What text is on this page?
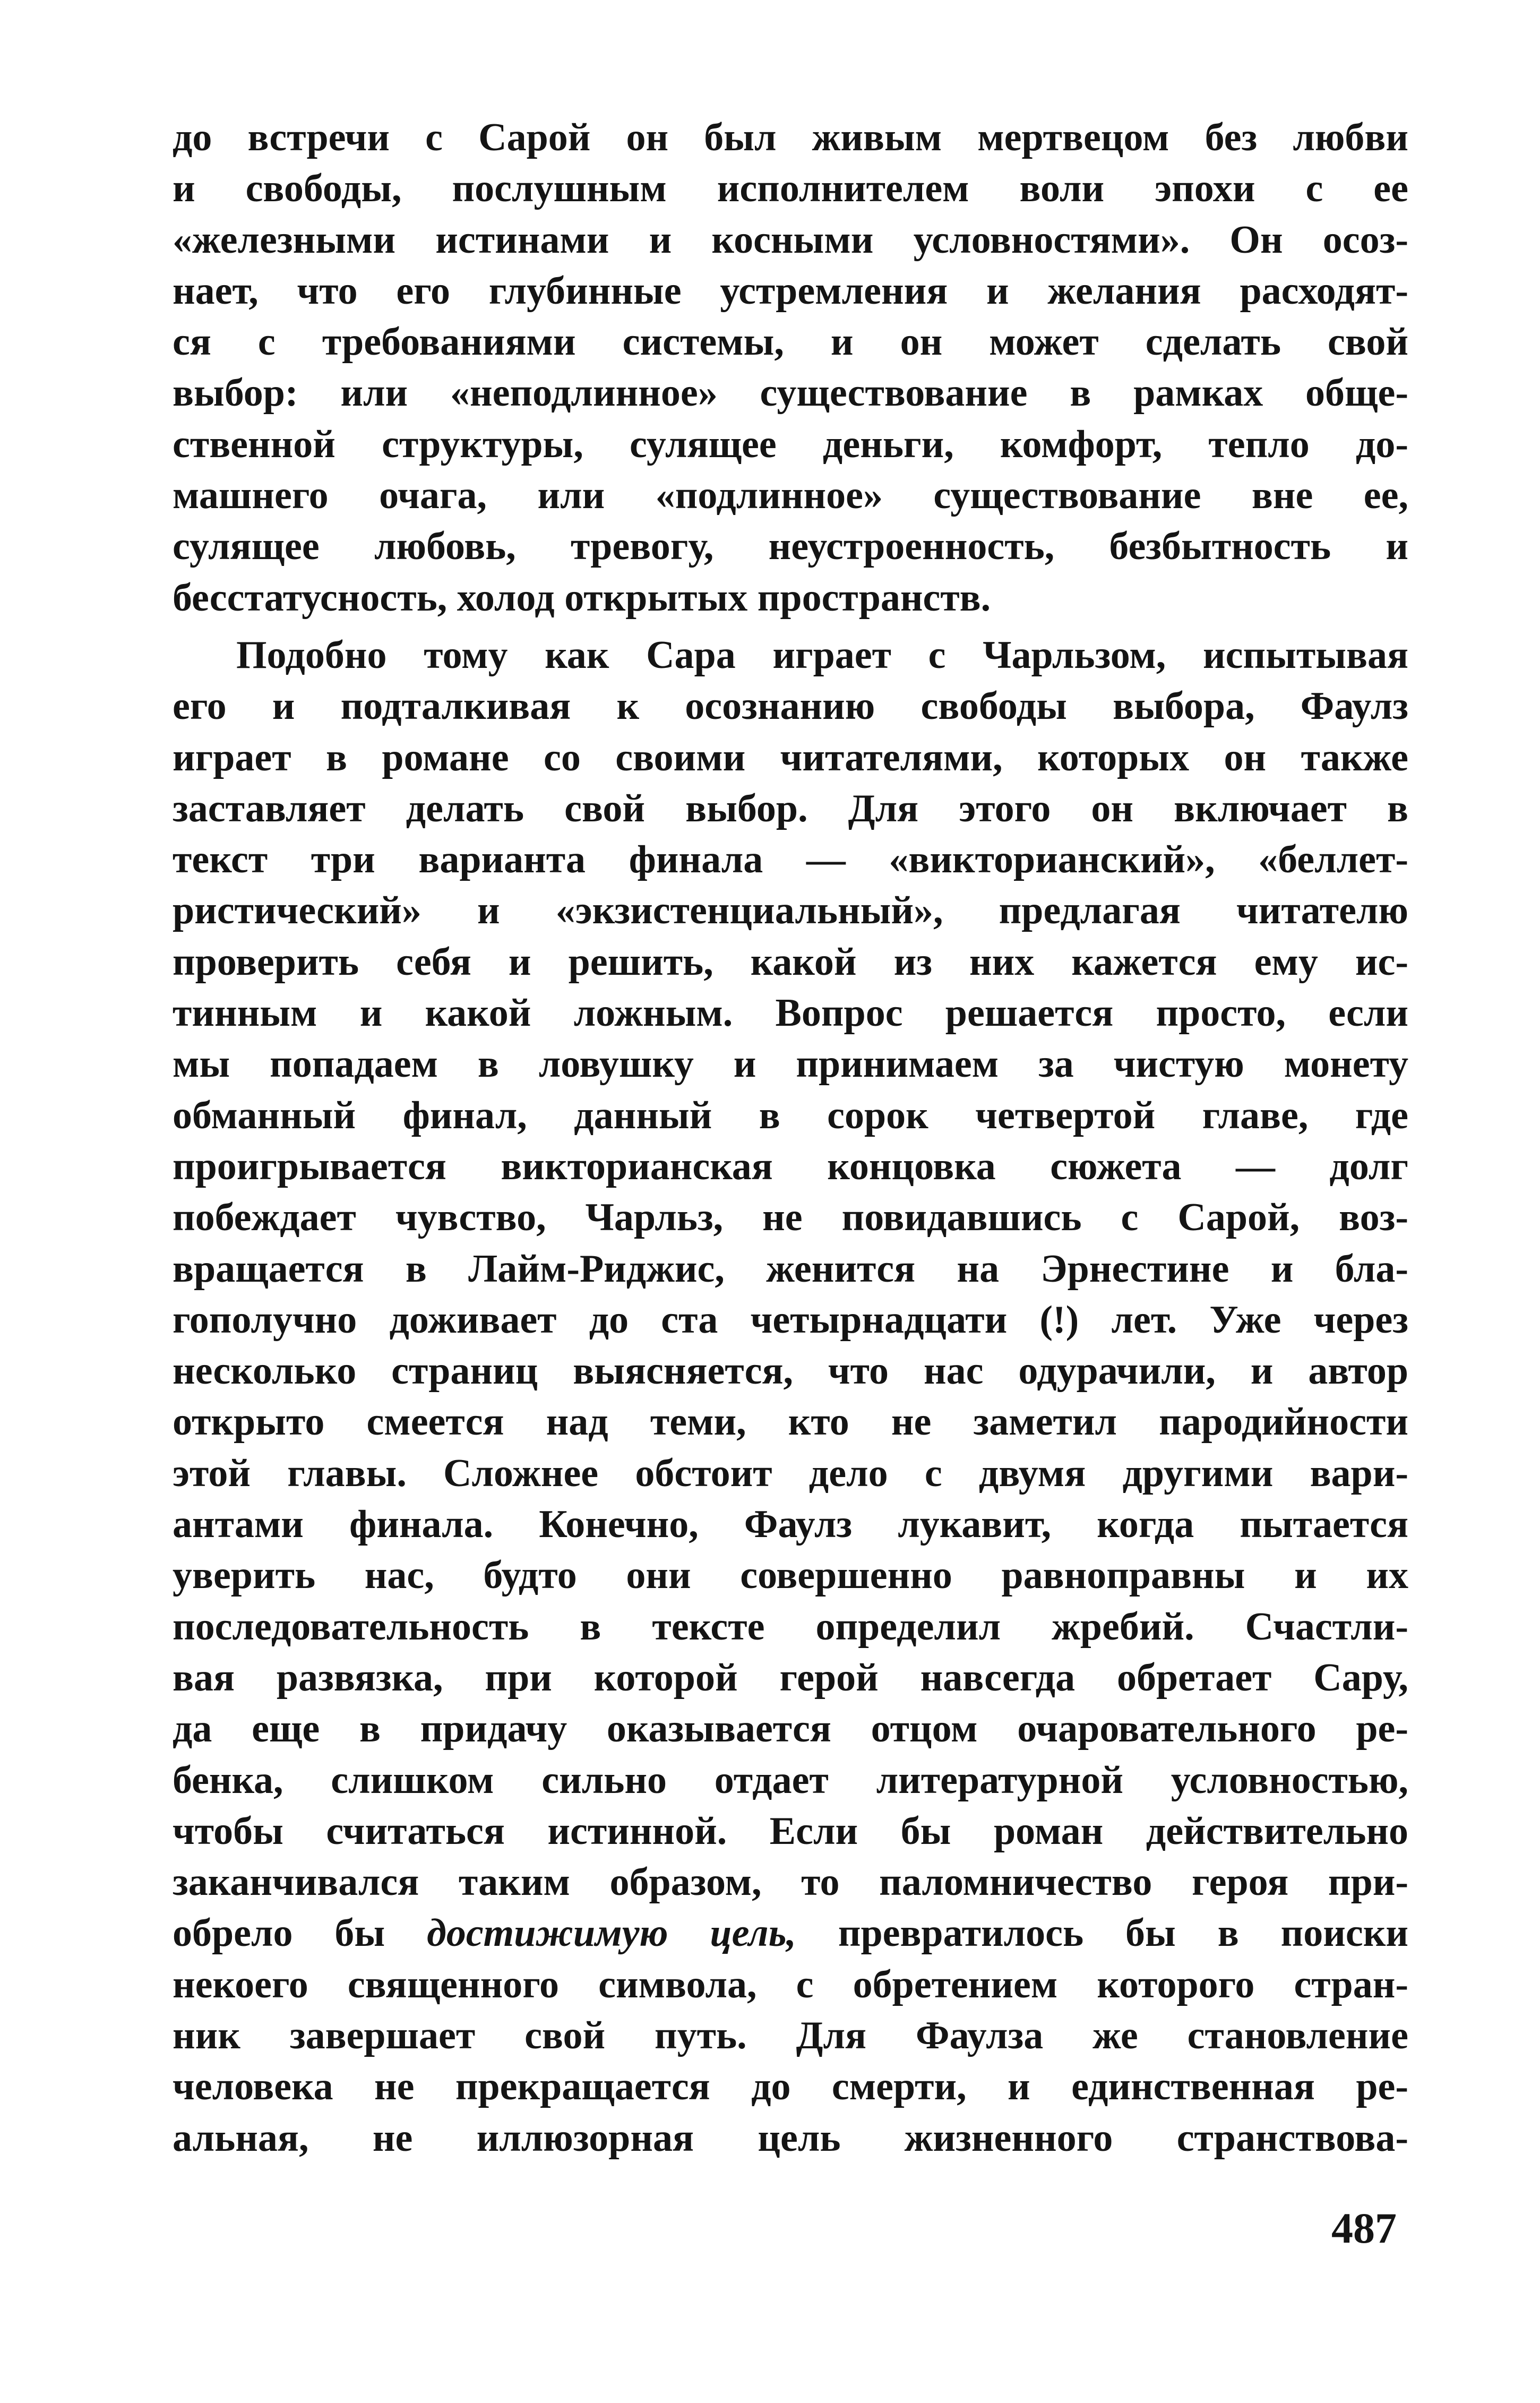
до встречи с Сарой он был живым мертвецом без любви
и свободы, послушным исполнителем воли эпохи с ее
«железными истинами и косными условностями». Он осоз-
нает, что его глубинные устремления и желания расходят-
ся с требованиями системы, и он может сделать свой
выбор: или «неподлинное» существование в рамках обще-
ственной структуры, сулящее деньги, комфорт, тепло до-
машнего очага, или «подлинное» существование вне ее,
сулящее любовь, тревогу, неустроенность, безбытность и
бесстатусность, холод открытых пространств.
Подобно тому как Сара играет с Чарльзом, испытывая
его и подталкивая к осознанию свободы выбора, Фаулз
играет в романе со своими читателями, которых он также
заставляет делать свой выбор. Для этого он включает в
текст три варианта финала — «викторианский», «беллет-
ристический» и «экзистенциальный», предлагая читателю
проверить себя и решить, какой из них кажется ему ис-
тинным и какой ложным. Вопрос решается просто, если
мы попадаем в ловушку и принимаем за чистую монету
обманный финал, данный в сорок четвертой главе, где
проигрывается викторианская концовка сюжета — долг
побеждает чувство, Чарльз, не повидавшись с Сарой, воз-
вращается в Лайм-Риджис, женится на Эрнестине и бла-
гополучно доживает до ста четырнадцати (!) лет. Уже через
несколько страниц выясняется, что нас одурачили, и автор
открыто смеется над теми, кто не заметил пародийности
этой главы. Сложнее обстоит дело с двумя другими вари-
антами финала. Конечно, Фаулз лукавит, когда пытается
уверить нас, будто они совершенно равноправны и их
последовательность в тексте определил жребий. Счастли-
вая развязка, при которой герой навсегда обретает Сару,
да еще в придачу оказывается отцом очаровательного ре-
бенка, слишком сильно отдает литературной условностью,
чтобы считаться истинной. Если бы роман действительно
заканчивался таким образом, то паломничество героя при-
обрело бы достижимую цель, превратилось бы в поиски
некоего священного символа, с обретением которого стран-
ник завершает свой путь. Для Фаулза же становление
человека не прекращается до смерти, и единственная ре-
альная, не иллюзорная цель жизненного странствова-
487
